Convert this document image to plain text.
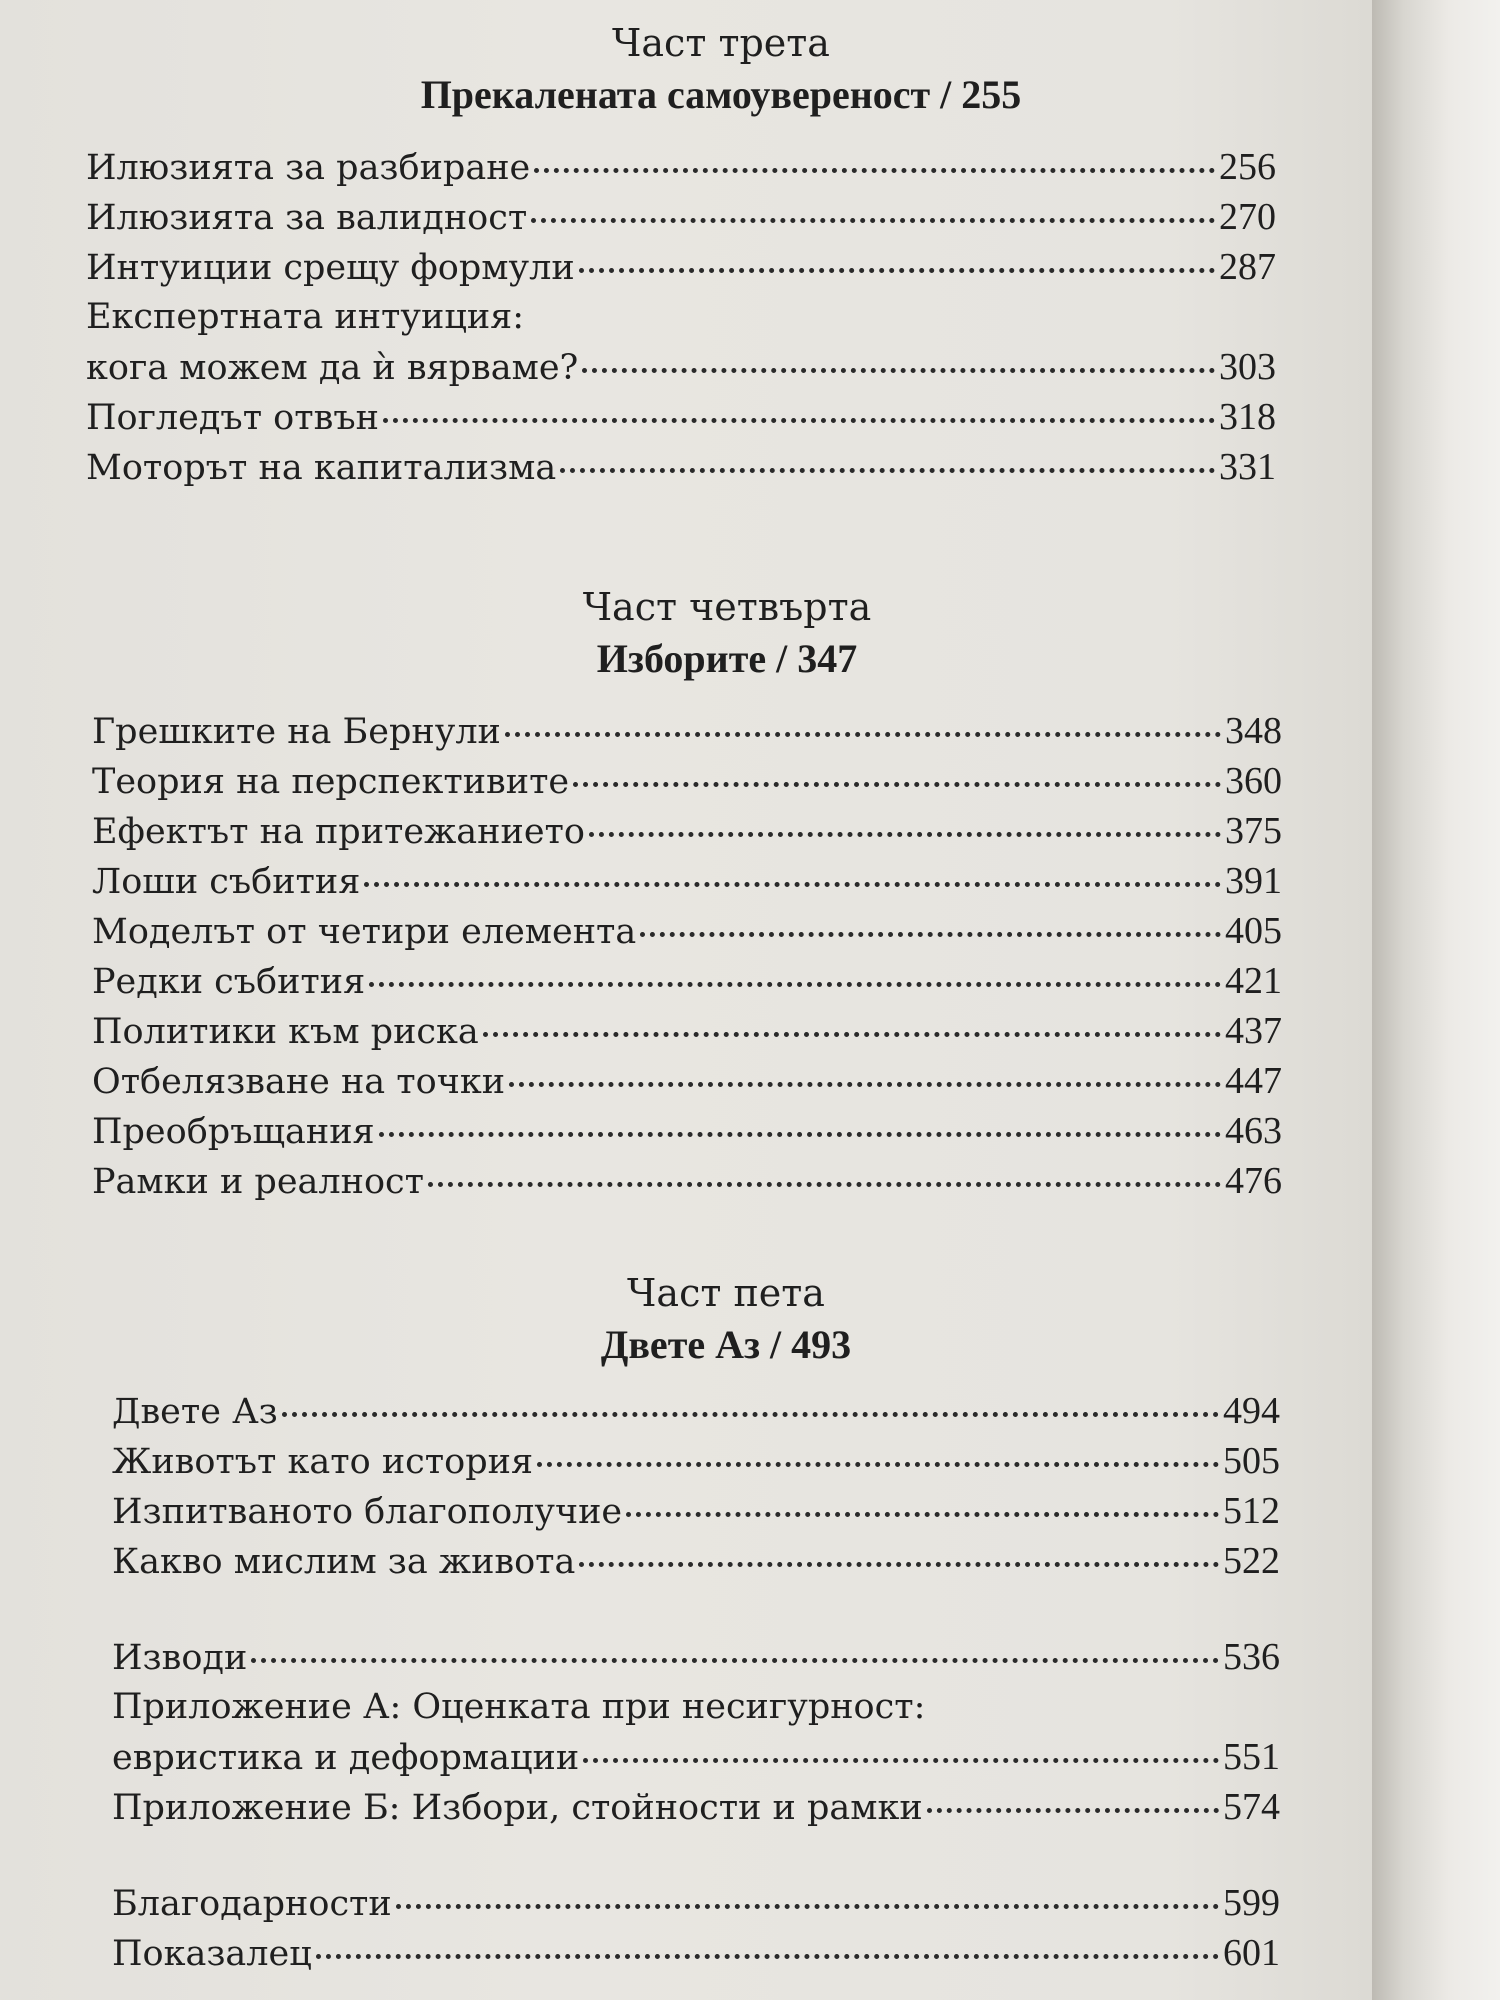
Част трета
Прекалената самоувереност / 255
Илюзията за разбиране	256
Илюзията за валидност	270
Интуиции срещу формули	287
Експертната интуиция:
кога можем да ѝ вярваме?	303
Погледът отвън	318
Моторът на капитализма	331
Част четвърта
Изборите / 347
Грешките на Бернули	348
Теория на перспективите	360
Ефектът на притежанието	375
Лоши събития	391
Моделът от четири елемента	405
Редки събития	421
Политики към риска	437
Отбелязване на точки	447
Преобръщания	463
Рамки и реалност	476
Част пета
Двете Аз / 493
Двете Аз	494
Животът като история	505
Изпитваното благополучие	512
Какво мислим за живота	522
Изводи	536
Приложение А: Оценката при несигурност:
евристика и деформации	551
Приложение Б: Избори, стойности и рамки	574
Благодарности	599
Показалец	601
